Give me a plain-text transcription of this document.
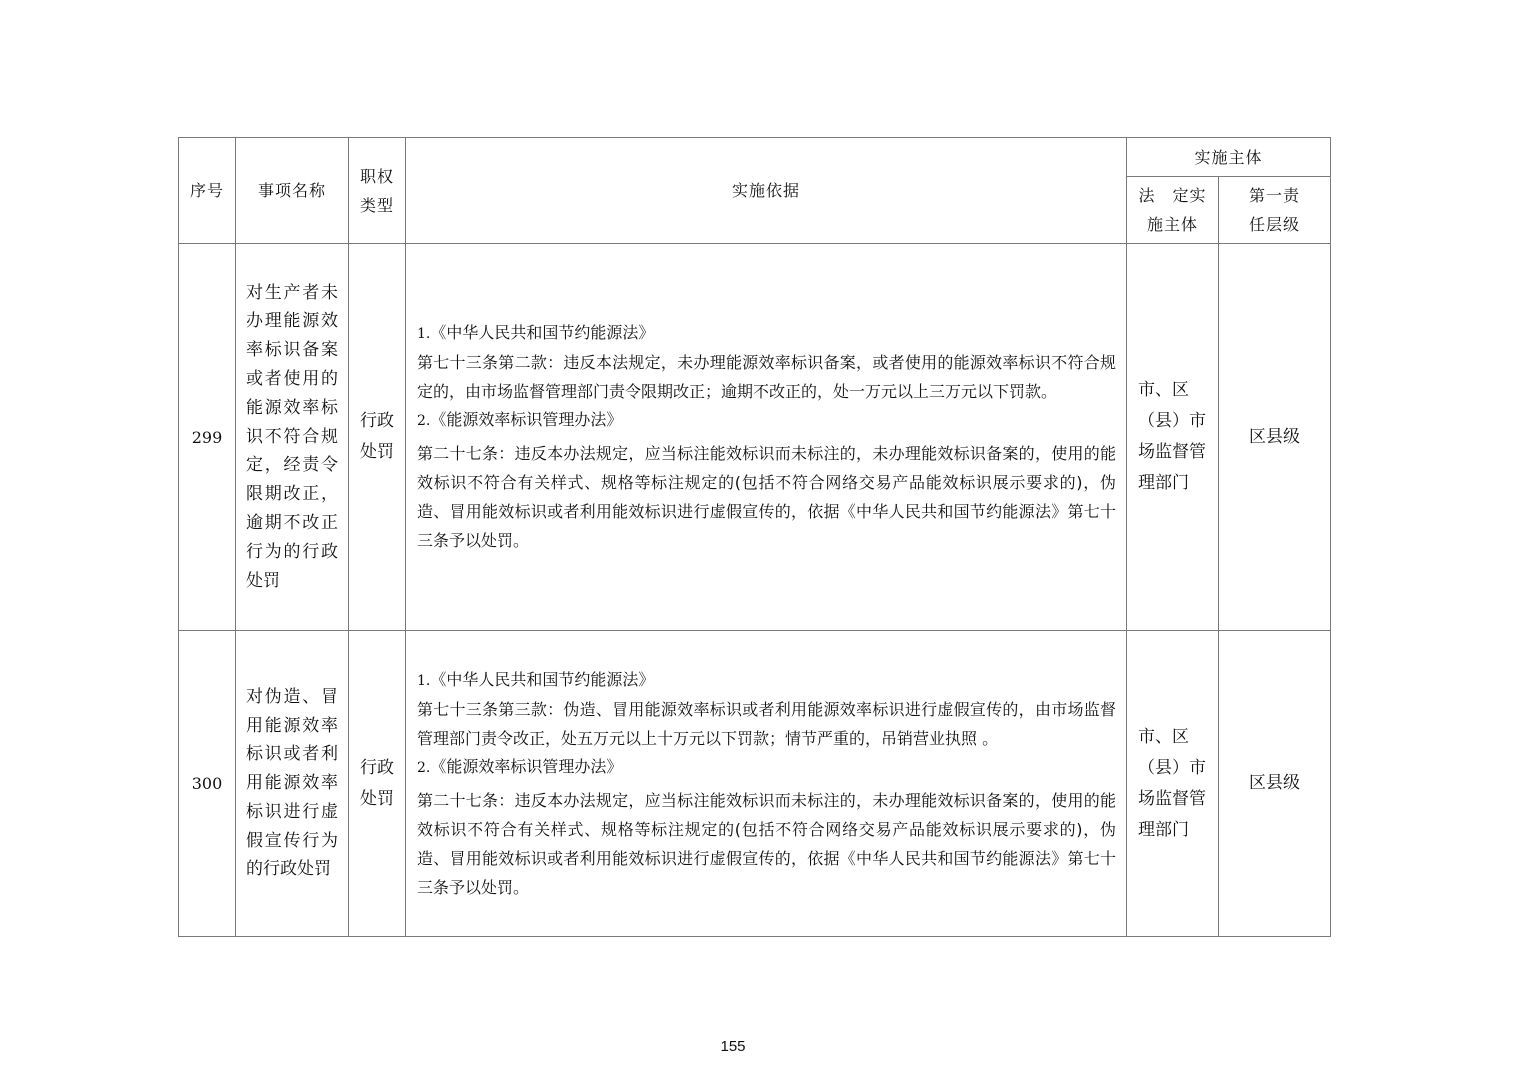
序号	事项名称	职权类型	实施依据	实施主体	
				法　定实施主体	第一责任层级
299	对生产者未办理能源效率标识备案或者使用的能源效率标识不符合规定，经责令限期改正，逾期不改正行为的行政处罚	行政处罚	1.《中华人民共和国节约能源法》
第七十三条第二款：违反本法规定，未办理能源效率标识备案，或者使用的能源效率标识不符合规定的，由市场监督管理部门责令限期改正；逾期不改正的，处一万元以上三万元以下罚款。
2.《能源效率标识管理办法》
第二十七条：违反本办法规定，应当标注能效标识而未标注的，未办理能效标识备案的，使用的能效标识不符合有关样式、规格等标注规定的(包括不符合网络交易产品能效标识展示要求的)，伪造、冒用能效标识或者利用能效标识进行虚假宣传的，依据《中华人民共和国节约能源法》第七十三条予以处罚。	市、区（县）市场监督管理部门	区县级
300	对伪造、冒用能源效率标识或者利用能源效率标识进行虚假宣传行为的行政处罚	行政处罚	1.《中华人民共和国节约能源法》
第七十三条第三款：伪造、冒用能源效率标识或者利用能源效率标识进行虚假宣传的，由市场监督管理部门责令改正，处五万元以上十万元以下罚款；情节严重的，吊销营业执照 。
2.《能源效率标识管理办法》
第二十七条：违反本办法规定，应当标注能效标识而未标注的，未办理能效标识备案的，使用的能效标识不符合有关样式、规格等标注规定的(包括不符合网络交易产品能效标识展示要求的)，伪造、冒用能效标识或者利用能效标识进行虚假宣传的，依据《中华人民共和国节约能源法》第七十三条予以处罚。	市、区（县）市场监督管理部门	区县级
155
